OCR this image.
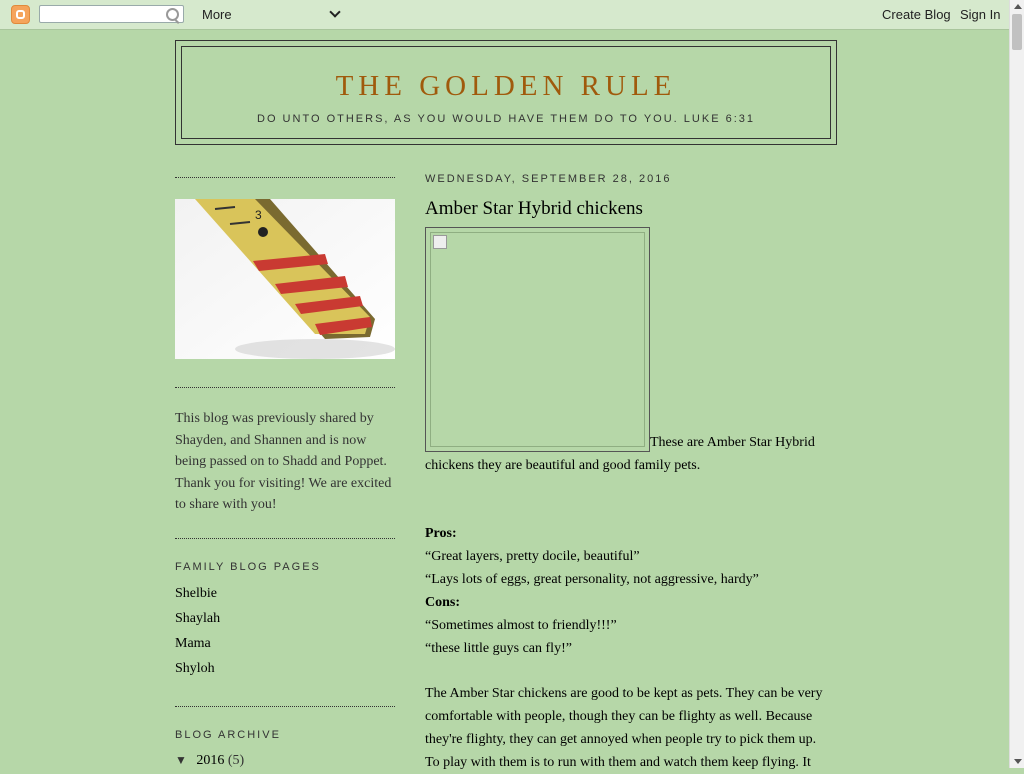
More	Create Blog Sign In
THE GOLDEN RULE
DO UNTO OTHERS, AS YOU WOULD HAVE THEM DO TO YOU. LUKE 6:31
3
This blog was previously shared by Shayden, and Shannen and is now being passed on to Shadd and Poppet. Thank you for visiting! We are excited to share with you!
FAMILY BLOG PAGES
Shelbie
Shaylah
Mama
Shyloh
BLOG ARCHIVE
▼ 2016 (5)
WEDNESDAY, SEPTEMBER 28, 2016
Amber Star Hybrid chickens
These are Amber Star Hybrid
chickens they are beautiful and good family pets.
Pros:
“Great layers, pretty docile, beautiful”
“Lays lots of eggs, great personality, not aggressive, hardy”
Cons:
“Sometimes almost to friendly!!!”
“these little guys can fly!”
The Amber Star chickens are good to be kept as pets. They can be very
comfortable with people, though they can be flighty as well. Because
they're flighty, they can get annoyed when people try to pick them up.
To play with them is to run with them and watch them keep flying. It
